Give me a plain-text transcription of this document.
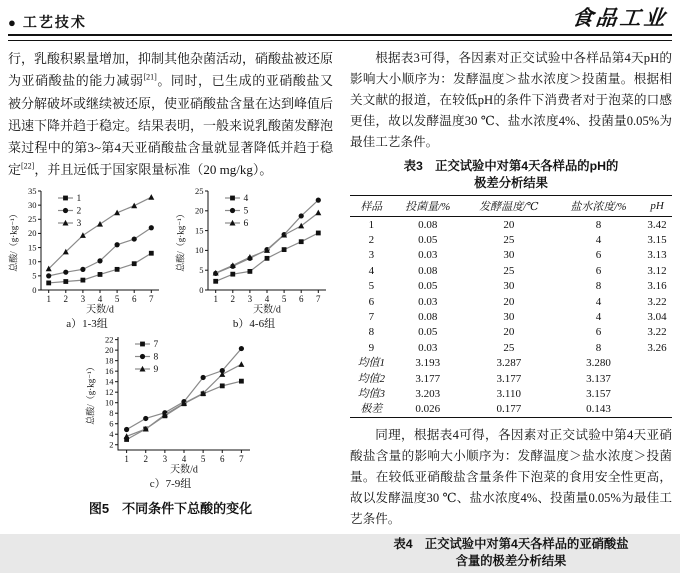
● 工艺技术	食品工业

行，乳酸积累量增加，抑制其他杂菌活动，硝酸盐被还原为亚硝酸盐的能力减弱[21]。同时，已生成的亚硝酸盐又被分解破坏或继续被还原，使亚硝酸盐含量在达到峰值后迅速下降并趋于稳定。结果表明，一般来说乳酸菌发酵泡菜过程中的第3~第4天亚硝酸盐含量就显著降低并趋于稳定[22]，并且远低于国家限量标准（20 mg/kg）。

0
5
10
15
20
25
30
35
1 2 3 4 5 6 7
天数/d
总酸/（g·kg⁻¹）
1
2
3
a）1-3组
0
5
10
15
20
25
1 2 3 4 5 6 7
天数/d
总酸/（g·kg⁻¹）
4
5
6
b）4-6组
2
4
6
8
10
12
14
16
18
20
22
1 2 3 4 5 6 7
天数/d
总酸/（g·kg⁻¹）
7
8
9
c）7-9组
图5　不同条件下总酸的变化

根据表3可得，各因素对正交试验中各样品第4天pH的影响大小顺序为：发酵温度＞盐水浓度＞投菌量。根据相关文献的报道，在较低pH的条件下消费者对于泡菜的口感更佳，故以发酵温度30 ℃、盐水浓度4%、投菌量0.05%为最佳工艺条件。

表3　正交试验中对第4天各样品的pH的
极差分析结果
样品	投菌量/%	发酵温度/℃	盐水浓度/%	pH
1	0.08	20	8	3.42
2	0.05	25	4	3.15
3	0.03	30	6	3.13
4	0.08	25	6	3.12
5	0.05	30	8	3.16
6	0.03	20	4	3.22
7	0.08	30	4	3.04
8	0.05	20	6	3.22
9	0.03	25	8	3.26
均值1	3.193	3.287	3.280	
均值2	3.177	3.177	3.137	
均值3	3.203	3.110	3.157	
极差	0.026	0.177	0.143	

同理，根据表4可得，各因素对正交试验中第4天亚硝酸盐含量的影响大小顺序为：发酵温度＞盐水浓度＞投菌量。在较低亚硝酸盐含量条件下泡菜的食用安全性更高，故以发酵温度30 ℃、盐水浓度4%、投菌量0.05%为最佳工艺条件。

表4　正交试验中对第4天各样品的亚硝酸盐
含量的极差分析结果
